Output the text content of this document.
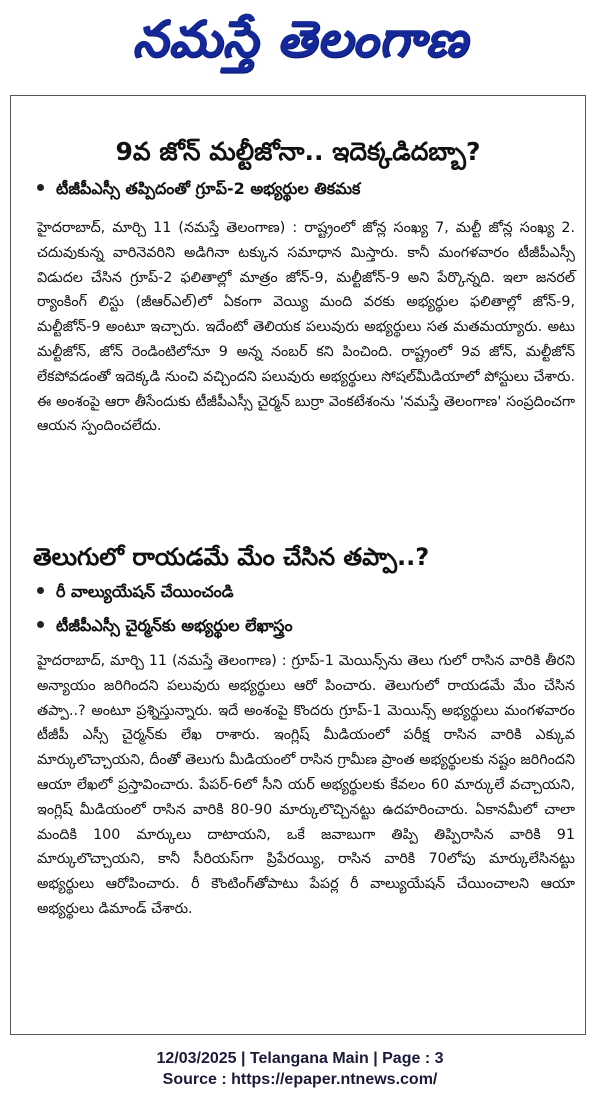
నమస్తే తెలంగాణ
9వ జోన్ మల్టీజోనా.. ఇదెక్కడిదబ్బా?
టీజీపీఎస్సీ తప్పిదంతో గ్రూప్-2 అభ్యర్థుల తికమక
హైదరాబాద్, మార్చి 11 (నమస్తే తెలంగాణ) : రాష్ట్రంలో జోన్ల సంఖ్య 7, మల్టీ జోన్ల సంఖ్య 2. చదువుకున్న వారినెవరిని అడిగినా టక్కున సమాధాన మిస్తారు. కానీ మంగళవారం టీజీపీఎస్సీ విడుదల చేసిన గ్రూప్-2 ఫలితాల్లో మాత్రం జోన్-9, మల్టీజోన్-9 అని పేర్కొన్నది. ఇలా జనరల్ ర్యాంకింగ్ లిస్టు (జీఆర్ఎల్)లో ఏకంగా వెయ్యి మంది వరకు అభ్యర్థుల ఫలితాల్లో జోన్-9, మల్టీజోన్-9 అంటూ ఇచ్చారు. ఇదేంటో తెలియక పలువురు అభ్యర్థులు సత మతమయ్యారు. అటు మల్టీజోన్, జోన్ రెండింటిలోనూ 9 అన్న నంబర్ కని పించింది. రాష్ట్రంలో 9వ జోన్, మల్టీజోన్ లేకపోవడంతో ఇదెక్కడి నుంచి వచ్చిందని పలువురు అభ్యర్థులు సోషల్‌మీడియాలో పోస్టులు చేశారు. ఈ అంశంపై ఆరా తీసేందుకు టీజీపీఎస్సీ చైర్మన్ బుర్రా వెంకటేశంను 'నమస్తే తెలంగాణ' సంప్రదించగా ఆయన స్పందించలేదు.
తెలుగులో రాయడమే మేం చేసిన తప్పా..?
రీ వాల్యుయేషన్ చేయించండి
టీజీపీఎస్సీ చైర్మన్‌కు అభ్యర్థుల లేఖాస్త్రం
హైదరాబాద్, మార్చి 11 (నమస్తే తెలంగాణ) : గ్రూప్-1 మెయిన్స్‌ను తెలు గులో రాసిన వారికి తీరని అన్యాయం జరిగిందని పలువురు అభ్యర్థులు ఆరో పించారు. తెలుగులో రాయడమే మేం చేసిన తప్పా..? అంటూ ప్రశ్నిస్తున్నారు. ఇదే అంశంపై కొందరు గ్రూప్-1 మెయిన్స్ అభ్యర్థులు మంగళవారం టీజీపీ ఎస్సీ చైర్మన్‌కు లేఖ రాశారు. ఇంగ్లిష్ మీడియంలో పరీక్ష రాసిన వారికి ఎక్కువ మార్కులొచ్చాయని, దీంతో తెలుగు మీడియంలో రాసిన గ్రామీణ ప్రాంత అభ్యర్థులకు నష్టం జరిగిందని ఆయా లేఖలో ప్రస్తావించారు. పేపర్-6లో సీని యర్ అభ్యర్థులకు కేవలం 60 మార్కులే వచ్చాయని, ఇంగ్లిష్ మీడియంలో రాసిన వారికి 80-90 మార్కులొచ్చినట్టు ఉదహరించారు. ఏకానమీలో చాలా మందికి 100 మార్కులు దాటాయని, ఒకే జవాబుగా తిప్పి తిప్పిరాసిన వారికి 91 మార్కులొచ్చాయని, కానీ సీరియస్‌గా ప్రిపేరయ్యి, రాసిన వారికి 70లోపు మార్కులేసినట్టు అభ్యర్థులు ఆరోపించారు. రీ కౌంటింగ్‌తోపాటు పేపర్ల రీ వాల్యుయేషన్ చేయించాలని ఆయా అభ్యర్థులు డిమాండ్ చేశారు.
12/03/2025 | Telangana Main | Page : 3
Source : https://epaper.ntnews.com/
